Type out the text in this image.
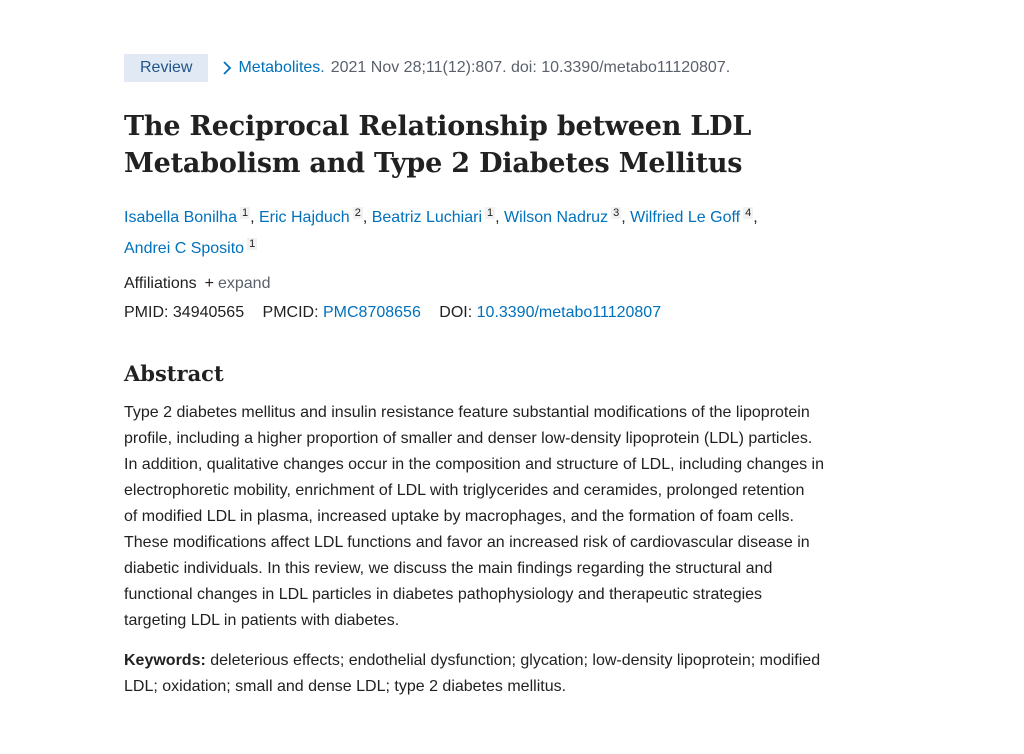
Review	Metabolites. 2021 Nov 28;11(12):807. doi: 10.3390/metabo11120807.
The Reciprocal Relationship between LDL
Metabolism and Type 2 Diabetes Mellitus
Isabella Bonilha $^1$ , Eric Hajduch $^2$ , Beatriz Luchiari $^1$ , Wilson Nadruz $^3$ , Wilfried Le Goff $^4$ ,
Andrei C Sposito $^1$
Affiliations + expand
PMID: 34940565 PMCID: PMC8708656 DOI: 10.3390/metabo11120807
Abstract
Type 2 diabetes mellitus and insulin resistance feature substantial modifications of the lipoprotein
profile, including a higher proportion of smaller and denser low-density lipoprotein (LDL) particles.
In addition, qualitative changes occur in the composition and structure of LDL, including changes in
electrophoretic mobility, enrichment of LDL with triglycerides and ceramides, prolonged retention
of modified LDL in plasma, increased uptake by macrophages, and the formation of foam cells.
These modifications affect LDL functions and favor an increased risk of cardiovascular disease in
diabetic individuals. In this review, we discuss the main findings regarding the structural and
functional changes in LDL particles in diabetes pathophysiology and therapeutic strategies
targeting LDL in patients with diabetes.
Keywords: deleterious effects; endothelial dysfunction; glycation; low-density lipoprotein; modified
LDL; oxidation; small and dense LDL; type 2 diabetes mellitus.
